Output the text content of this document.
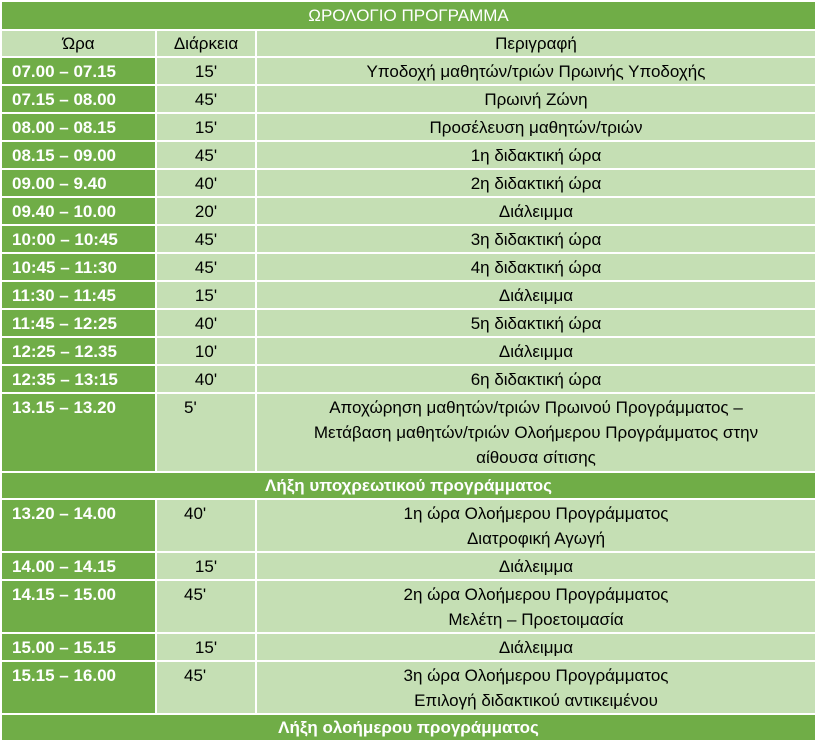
ΩΡΟΛΟΓΙΟ ΠΡΟΓΡΑΜΜΑ		
Ώρα	Διάρκεια	Περιγραφή
07.00 – 07.15	15'	Υποδοχή μαθητών/τριών Πρωινής Υποδοχής

07.15 – 08.00	45'	Πρωινή Ζώνη

08.00 – 08.15	15'	Προσέλευση μαθητών/τριών

08.15 – 09.00	45'	1η διδακτική ώρα

09.00 – 9.40	40'	2η διδακτική ώρα

09.40 – 10.00	20'	Διάλειμμα

10:00 – 10:45	45'	3η διδακτική ώρα

10:45 – 11:30	45'	4η διδακτική ώρα

11:30 – 11:45	15'	Διάλειμμα

11:45 – 12:25	40'	5η διδακτική ώρα

12:25 – 12.35	10'	Διάλειμμα

12:35 – 13:15	40'	6η διδακτική ώρα

13.15 – 13.20	5'	Αποχώρηση μαθητών/τριών Πρωινού Προγράμματος –
Μετάβαση μαθητών/τριών Ολοήμερου Προγράμματος στην
αίθουσα σίτισης

Λήξη υποχρεωτικού προγράμματος		
13.20 – 14.00	40'	1η ώρα Ολοήμερου Προγράμματος
Διατροφική Αγωγή

14.00 – 14.15	15'	Διάλειμμα

14.15 – 15.00	45'	2η ώρα Ολοήμερου Προγράμματος
Μελέτη – Προετοιμασία

15.00 – 15.15	15'	Διάλειμμα

15.15 – 16.00	45'	3η ώρα Ολοήμερου Προγράμματος
Επιλογή διδακτικού αντικειμένου

Λήξη ολοήμερου προγράμματος		
